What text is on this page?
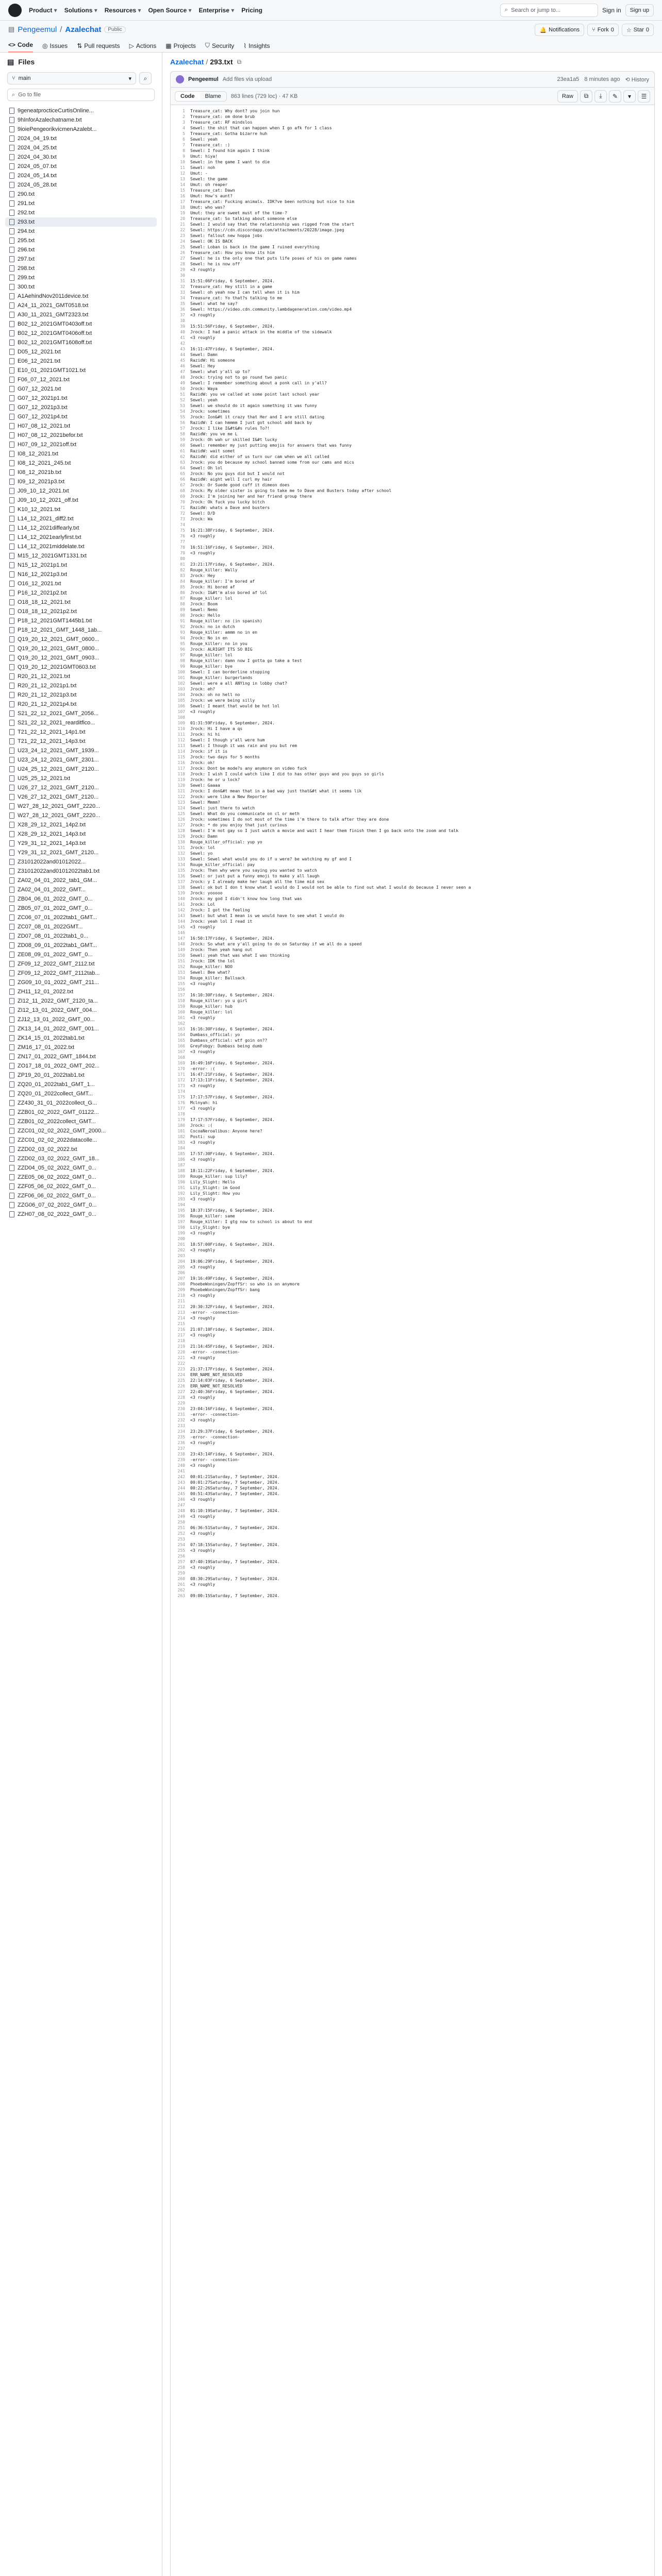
Product ▾	Solutions ▾	Resources ▾	Open Source ▾	Enterprise ▾	Pricing	⌕ Search or jump to...	Sign in	Sign up
▤ Pengeemul / Azalechat	Public	🔔 Notifications ⑂ Fork 0 ☆ Star 0
<> Code ◎ Issues ⇅ Pull requests ▷ Actions ▦ Projects ⛉ Security ⌇ Insights
▤ Files
⑂ main	▾ ⌕
⌕ Go to file
9geneatprocticeCurtisOnline...
9hInforAzalechatname.txt
9ioiePengeorikvicmenAzalebt...
2024_04_19.txt
2024_04_25.txt
2024_04_30.txt
2024_05_07.txt
2024_05_14.txt
2024_05_28.txt
290.txt
291.txt
292.txt
293.txt
294.txt
295.txt
296.txt
297.txt
298.txt
299.txt
300.txt
A1AehindNov2011device.txt
A24_11_2021_GMT0518.txt
A30_11_2021_GMT2323.txt
B02_12_2021GMT0403off.txt
B02_12_2021GMT0406off.txt
B02_12_2021GMT1608off.txt
D05_12_2021.txt
E06_12_2021.txt
E10_01_2021GMT1021.txt
F06_07_12_2021.txt
G07_12_2021.txt
G07_12_2021p1.txt
G07_12_2021p3.txt
G07_12_2021p4.txt
H07_08_12_2021.txt
H07_08_12_2021befor.txt
H07_09_12_2021off.txt
I08_12_2021.txt
I08_12_2021_245.txt
I08_12_2021b.txt
I09_12_2021p3.txt
J09_10_12_2021.txt
J09_10_12_2021_off.txt
K10_12_2021.txt
L14_12_2021_diff2.txt
L14_12_2021diffearly.txt
L14_12_2021earlyfirst.txt
L14_12_2021middelate.txt
M15_12_2021GMT1331.txt
N15_12_2021p1.txt
N16_12_2021p3.txt
O16_12_2021.txt
P16_12_2021p2.txt
O18_18_12_2021.txt
O18_18_12_2021p2.txt
P18_12_2021GMT1445b1.txt
P18_12_2021_GMT_1448_1ab...
Q19_20_12_2021_GMT_0600...
Q19_20_12_2021_GMT_0800...
Q19_20_12_2021_GMT_0903...
Q19_20_12_2021GMT0603.txt
R20_21_12_2021.txt
R20_21_12_2021p1.txt
R20_21_12_2021p3.txt
R20_21_12_2021p4.txt
S21_22_12_2021_GMT_2056...
S21_22_12_2021_rearditfico...
T21_22_12_2021_14p1.txt
T21_22_12_2021_14p3.txt
U23_24_12_2021_GMT_1939...
U23_24_12_2021_GMT_2301...
U24_25_12_2021_GMT_2120...
U25_25_12_2021.txt
U26_27_12_2021_GMT_2120...
V26_27_12_2021_GMT_2120...
W27_28_12_2021_GMT_2220...
W27_28_12_2021_GMT_2220...
X28_29_12_2021_14p2.txt
X28_29_12_2021_14p3.txt
Y29_31_12_2021_14p3.txt
Y29_31_12_2021_GMT_2120...
Z31012022and01012022...
Z31012022and01012022tab1.txt
ZA02_04_01_2022_tab1_GM...
ZA02_04_01_2022_GMT...
ZB04_06_01_2022_GMT_0...
ZB05_07_01_2022_GMT_0...
ZC06_07_01_2022tab1_GMT...
ZC07_08_01_2022GMT...
ZD07_08_01_2022tab1_0...
ZD08_09_01_2022tab1_GMT...
ZE08_09_01_2022_GMT_0...
ZF09_12_2022_GMT_2112.txt
ZF09_12_2022_GMT_2112tab...
ZG09_10_01_2022_GMT_211...
ZH11_12_01_2022.txt
ZI12_11_2022_GMT_2120_ta...
ZI12_13_01_2022_GMT_004...
ZJ12_13_01_2022_GMT_00...
ZK13_14_01_2022_GMT_001...
ZK14_15_01_2022tab1.txt
ZM16_17_01_2022.txt
ZN17_01_2022_GMT_1844.txt
ZO17_18_01_2022_GMT_202...
ZP19_20_01_2022tab1.txt
ZQ20_01_2022tab1_GMT_1...
ZQ20_01_2022collect_GMT...
ZZ430_31_01_2022collect_G...
ZZB01_02_2022_GMT_01122...
ZZB01_02_2022collect_GMT...
ZZC01_02_02_2022_GMT_2000...
ZZC01_02_02_2022datacolle...
ZZD02_03_02_2022.txt
ZZD02_03_02_2022_GMT_18...
ZZD04_05_02_2022_GMT_0...
ZZE05_06_02_2022_GMT_0...
ZZF05_06_02_2022_GMT_0...
ZZF06_06_02_2022_GMT_0...
ZZG06_07_02_2022_GMT_0...
ZZH07_08_02_2022_GMT_0...
Azalechat / 293.txt ⧉
Pengeemul Add files via upload	23ea1a5 8 minutes ago ⟲ History
Code	Blame	863 lines (729 loc) · 47 KB	Raw	⧉ ⤓ ✎ ▾ ☰
1	Treasure_cat: Why dont? you join hun
2	Treasure_cat: om done brub
3	Treasure_cat: RF mindslos
4	Sewel: the shit that can happen when I go afk for 1 class
5	Treasure_cat: Gotha bizarre huh
6	Sewel: yeah
7	Treasure_cat: :)
8	Sewel: I found him again I think
9	Umut: hiya!
10	Sewel: in the game I want to die
11	Sewel: noh
12	Umut: -
13	Sewel: the game
14	Umut: oh reaper
15	Treasure_cat: Dawn
16	Umut: How's aunt?
17	Treasure_cat: Fucking animals. IDK?ve been nothing but nice to him
18	Umut: who was?
19	Umut: they are sweet must of the time-?
20	Treasure_cat: So talking about someone else
21	Sewel: I would say that the relationship was rigged from the start
22	Sewel: https://cdn.discordapp.com/attachments/20228/image.jpeg
23	Sewel: fallout new hoppa jobs
24	Sewel: OK IS BACK
25	Sewel: Loban is back in the game I ruined everything
26	Treasure_cat: How you know its him
27	Sewel: he is the only one that puts life poses of his on game names
28	Sewel: he is now off
29	<3 roughly
30
31	15:51:06Friday, 6 September, 2024.
32	Treasure_cat: Hey still in a game
33	Sewel: oh yeah now I can tell when it is him
34	Treasure_cat: Yo that?s talking to me
35	Sewel: what he say?
36	Sewel: https://video.cdn.community.lambdageneration.com/video.mp4
37	<3 roughly
38
39	15:51:56Friday, 6 September, 2024.
40	Jrock: I had a panic attack in the middle of the sidewalk
41	<3 roughly
42
43	16:11:47Friday, 6 September, 2024.
44	Sewel: Damn
45	RazidW: Hi someone
46	Sewel: Hey
47	Sewel: what y'all up to?
48	Jrock: trying not to go round two panic
49	Sewel: I remember something about a ponk call in y'all?
50	Jrock: Waya
51	RazidW: you ve called at some point last school year
52	Sewel: yeah
53	Sewel: we should do it again something it was funny
54	Jrock: sometimes
55	Jrock: Ion&#t it crazy that Her and I are still dating
56	RazidW: I can hmmmm I just got school add back by
57	Jrock: I like I&#t&#s rules To?!
58	RazidW: you ve me L
59	Jrock: Oh wah ur skilled I&#t lucky
60	Sewel: remember my just putting emojis for answers that was funny
61	RazidW: wait somet
62	RazidW: did either of us turn our cam when we all called
63	Jrock: you do because my school banned some from our cams and mics
64	Sewel: Oh lol
65	Jrock: No you guys did but I would not
66	RazidW: aight well I curl my hair
67	Jrock: Or Suede good cuff it dimeon does
68	Jrock: My older sister is going to take me to Dave and Busters today after school
69	Jrock: I'm joining her and her friend group there
70	Jrock: Ok fuck you lucky bitch
71	RazidW: whats a Dave and busters
72	Sewel: D/D
73	Jrock: Wa
74
75	16:21:38Friday, 6 September, 2024.
76	<3 roughly
77
78	16:51:16Friday, 6 September, 2024.
79	<3 roughly
80
81	23:21:17Friday, 6 September, 2024.
82	Rouge_killer: Wally
83	Jrock: Hey
84	Rouge_killer: I'm bored af
85	Jrock: Hi bored af
86	Jrock: I&#t'm also bored af lol
87	Rouge_killer: lol
88	Jrock: Boom
89	Sewel: Nemo
90	Jrock: Hello
91	Rouge_killer: no (in spanish)
92	Jrock: no in dutch
93	Rouge_killer: ammm no in en
94	Jrock: No in en
95	Rouge_killer: no in you
96	Jrock: ALRIGHT ITS SO BIG
97	Rouge_killer: lol
98	Rouge_killer: damn now I gotta go take a test
99	Rouge_killer: bye
100	Sewel: I can borderline stopping
101	Rouge_killer: burgerlands
102	Sewel: were a all ANYing in lobby chat?
103	Jrock: eh?
104	Jrock: oh no hell no
105	Jrock: we were being silly
106	Sewel: I meant that would be hot lol
107	<3 roughly
108
109	01:31:59Friday, 6 September, 2024.
110	Jrock: Hi I have a qs
111	Jrock: hi hi
112	Sewel: I though y'all were hum
113	Sewel: I though it was rain and you but rem
114	Jrock: if it is
115	Jrock: two days for 5 months
116	Jrock: ok!
117	Jrock: Dont be mode?s any anymore on video fuck
118	Jrock: I wish I could watch like I did to has other guys and you guys so girls
119	Jrock: he or u lock?
120	Sewel: Gaaaa
121	Jrock: I don&#t mean that in a bad way just that&#t what it seems lik
122	Jrock: were like a New Reporter
123	Sewel: Mmmm?
124	Sewel: just there to watch
125	Sewel: What do you communicate on cl or meth
126	Jrock: sometimes I do not most of the time i'm there to talk after they are done
127	Jrock: * do you enjoy that just curious
128	Sewel: I'm not gay so I just watch a movie and wait I hear them finish then I go back onto the zoom and talk
129	Jrock: Damn
130	Rouge_killer_official: yup yo
131	Jrock: lol
132	Sewel: yo
133	Sewel: Sewel what would you do if u were? be watching my gf and I
134	Rouge_killer_official: pay
135	Jrock: Then why were you saying you wanted to watch
136	Sewel: or just put a funny emoji to make y all laugh
137	Jrock: y I already make her laugh all the time mid sex
138	Sewel: ok but I don t know what I would do I would not be able to find out what I would do because I never seen a
139	Jrock: yooooo
140	Jrock: my god I didn't know how long that was
141	Jrock: Lol
142	Jrock: I got the feeling
143	Sewel: but what I mean is we would have to see what I would do
144	Jrock: yeah lol I read it
145	<3 roughly
146
147	16:50:17Friday, 6 September, 2024.
148	Jrock: So what are y'all going to do on Saturday if we all do a speed
149	Jrock: Then yeah hang out
150	Sewel: yeah that was what I was thinking
151	Jrock: IDK the lol
152	Rouge_killer: NOO
153	Sewel: Bee what?
154	Rouge_killer: Ballsack
155	<3 roughly
156
157	16:10:30Friday, 6 September, 2024.
158	Rouge_killer: yo u girl
159	Rouge_killer: hub
160	Rouge_killer: lol
161	<3 roughly
162
163	16:16:30Friday, 6 September, 2024.
164	Dumbass_official: yo
165	Dumbass_official: wtf goin on??
166	GreyFobgy: Dumbass being dumb
167	<3 roughly
168
169	16:49:16Friday, 6 September, 2024.
170	-error- :(
171	16:47:21Friday, 6 September, 2024.
172	17:13:11Friday, 6 September, 2024.
173	<3 roughly
174
175	17:17:57Friday, 6 September, 2024.
176	Mclnyah: hi
177	<3 roughly
178
179	17:17:57Friday, 6 September, 2024.
180	Jrock: :(
181	CocoaNeroalibus: Anyone here?
182	Posti: sup
183	<3 roughly
184
185	17:57:30Friday, 6 September, 2024.
186	<3 roughly
187
188	18:11:22Friday, 6 September, 2024.
189	Rouge_killer: sup lily?
190	Lily_Slight: Hello
191	Lily_Slight: im Good
192	Lily_Slight: How you
193	<3 roughly
194
195	18:37:15Friday, 6 September, 2024.
196	Rouge_killer: same
197	Rouge_killer: I gtg now to school is about to end
198	Lily_Slight: bye
199	<3 roughly
200
201	18:57:00Friday, 6 September, 2024.
202	<3 roughly
203
204	19:06:29Friday, 6 September, 2024.
205	<3 roughly
206
207	19:16:49Friday, 6 September, 2024.
208	PhoebeWoningen/ZopffSr: so who is on anymore
209	PhoebeWoningen/ZopffSr: bang
210	<3 roughly
211
212	20:30:32Friday, 6 September, 2024.
213	-error- -connection-
214	<3 roughly
215
216	21:07:10Friday, 6 September, 2024.
217	<3 roughly
218
219	21:14:45Friday, 6 September, 2024.
220	-error- -connection-
221	<3 roughly
222
223	21:37:17Friday, 6 September, 2024.
224	ERR_NAME_NOT_RESOLVED
225	22:14:03Friday, 6 September, 2024.
226	ERR_NAME_NOT_RESOLVED
227	22:40:36Friday, 6 September, 2024.
228	<3 roughly
229
230	23:04:16Friday, 6 September, 2024.
231	-error- -connection-
232	<3 roughly
233
234	23:29:37Friday, 6 September, 2024.
235	-error- -connection-
236	<3 roughly
237
238	23:43:14Friday, 6 September, 2024.
239	-error- -connection-
240	<3 roughly
241
242	00:01:21Saturday, 7 September, 2024.
243	00:01:27Saturday, 7 September, 2024.
244	00:22:26Saturday, 7 September, 2024.
245	00:51:43Saturday, 7 September, 2024.
246	<3 roughly
247
248	01:10:19Saturday, 7 September, 2024.
249	<3 roughly
250
251	06:36:51Saturday, 7 September, 2024.
252	<3 roughly
253
254	07:18:15Saturday, 7 September, 2024.
255	<3 roughly
256
257	07:40:19Saturday, 7 September, 2024.
258	<3 roughly
259
260	08:30:29Saturday, 7 September, 2024.
261	<3 roughly
262
263	09:00:15Saturday, 7 September, 2024.
